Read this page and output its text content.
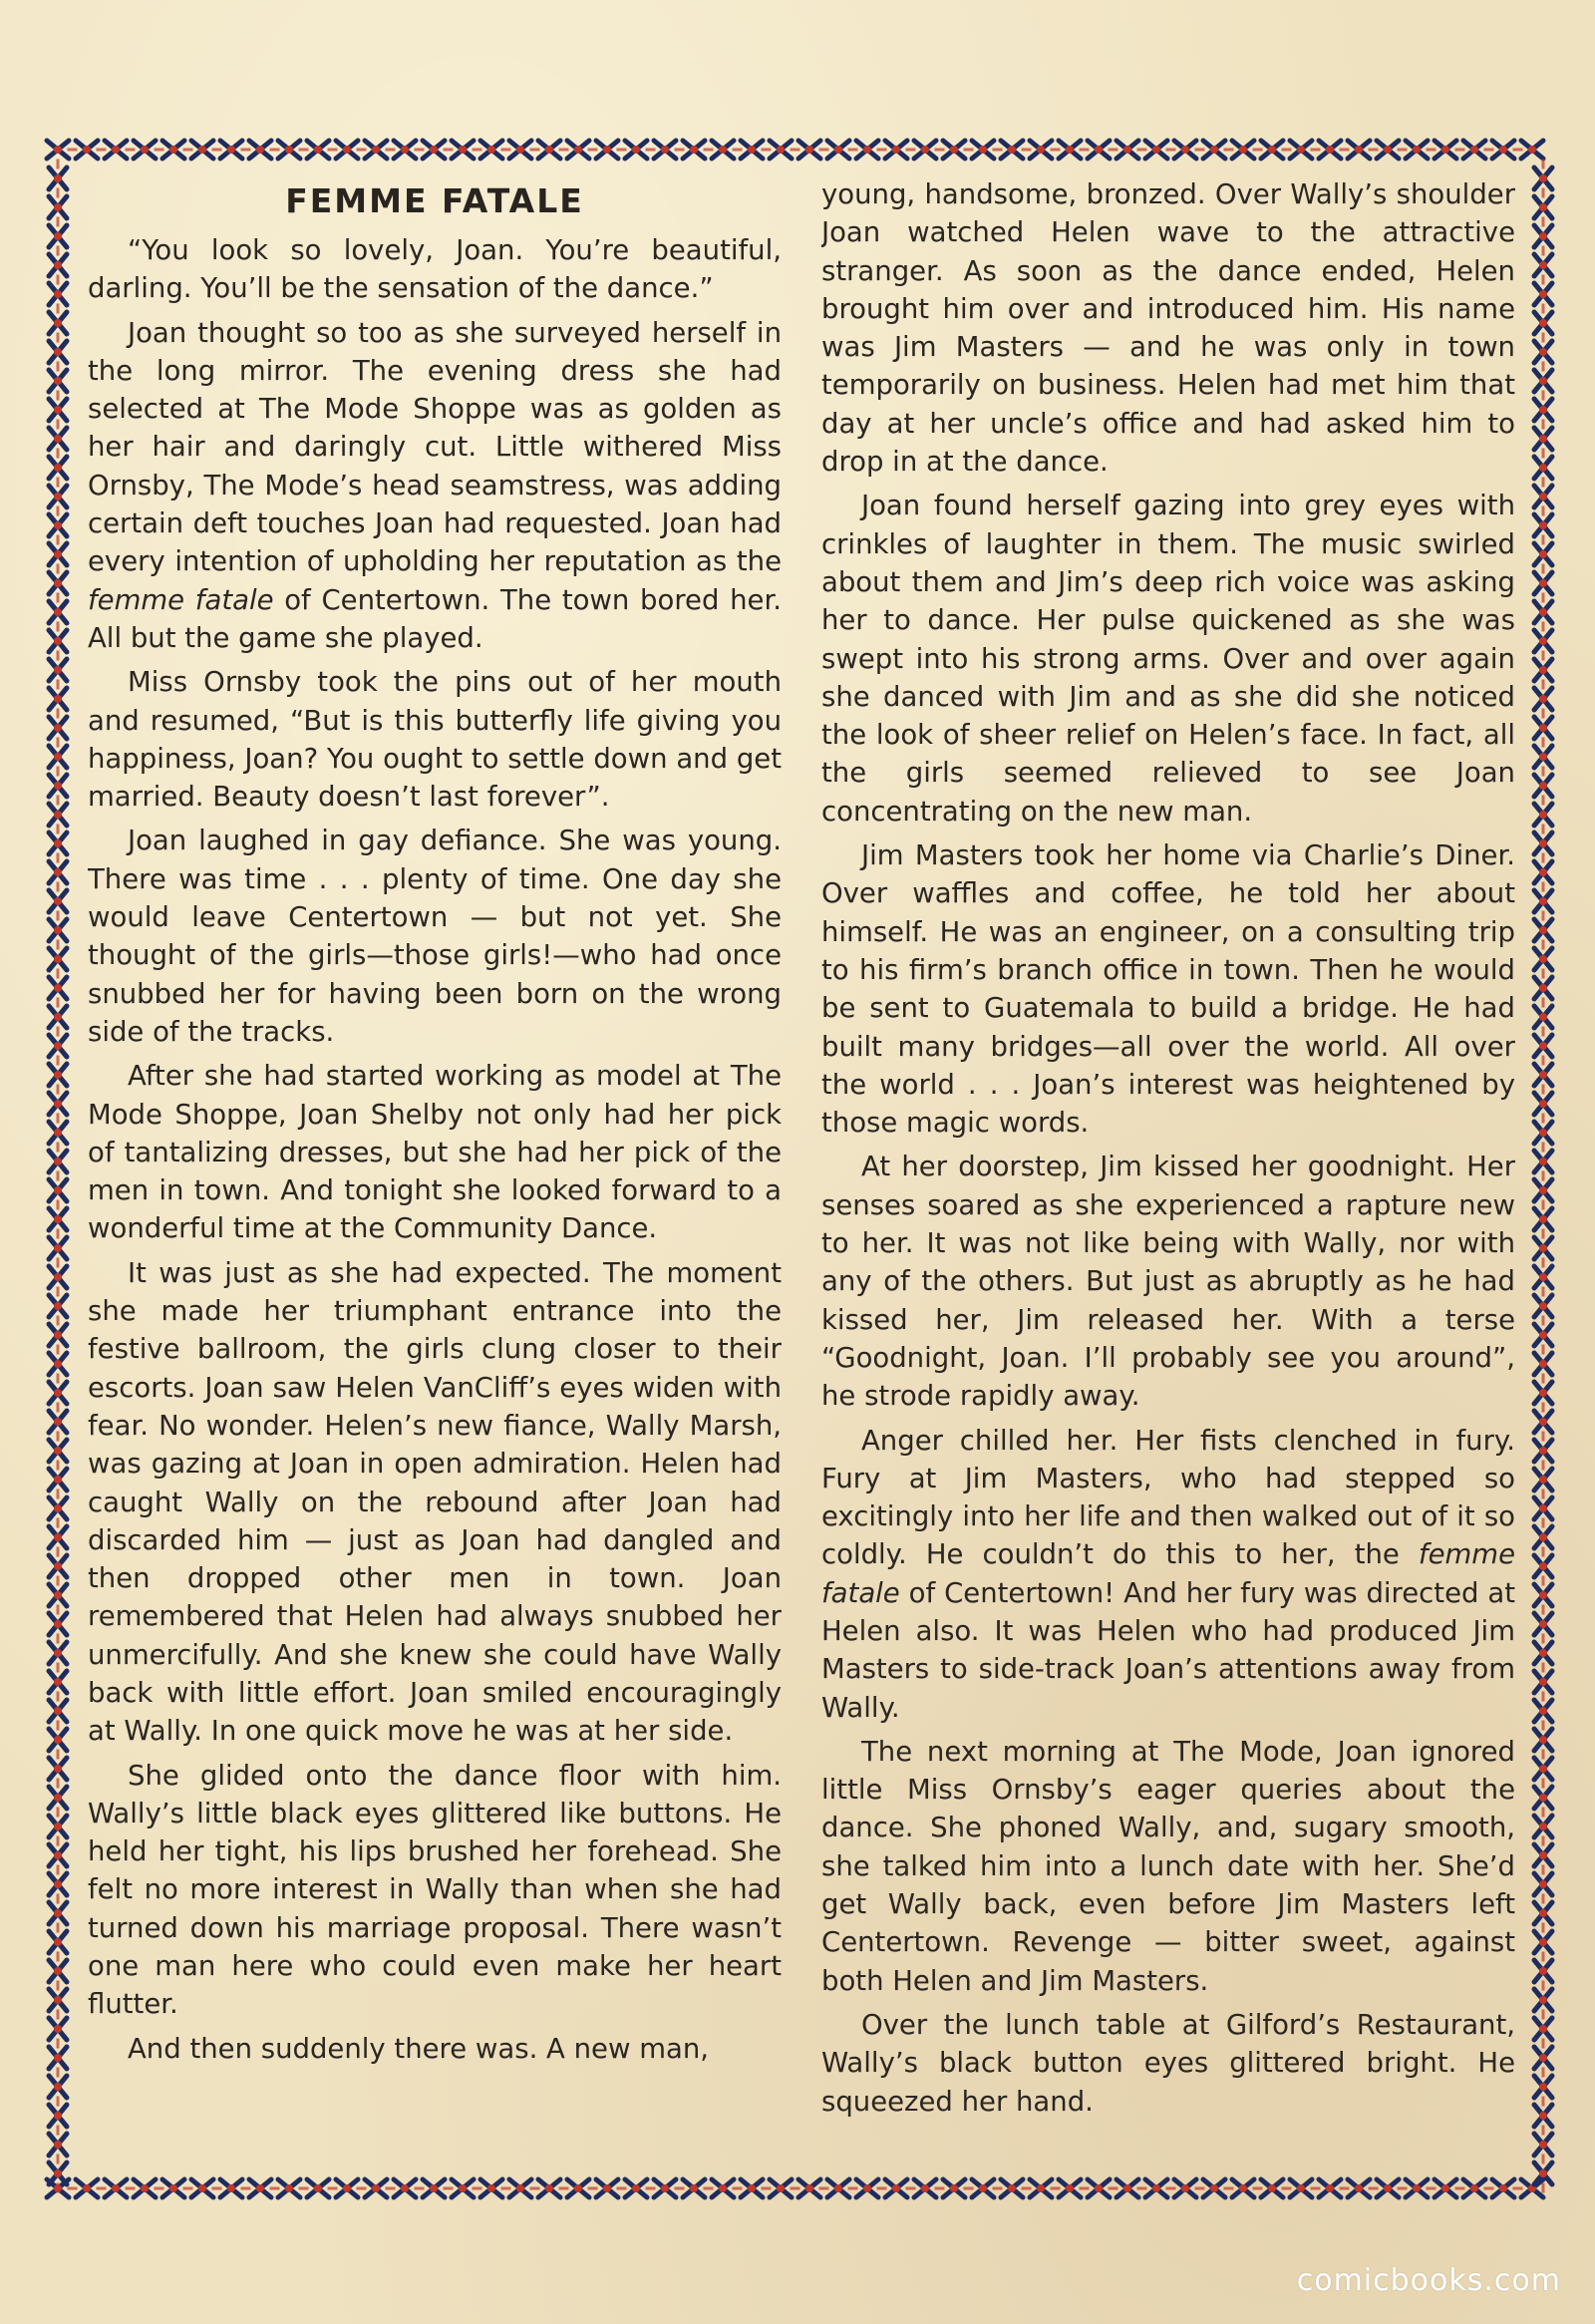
FEMME FATALE

“You look so lovely, Joan. You’re beautiful, darling. You’ll be the sensation of the dance.”

Joan thought so too as she surveyed herself in the long mirror. The evening dress she had selected at The Mode Shoppe was as golden as her hair and daringly cut. Little withered Miss Ornsby, The Mode’s head seamstress, was adding certain deft touches Joan had requested. Joan had every intention of upholding her reputation as the femme fatale of Centertown. The town bored her. All but the game she played.

Miss Ornsby took the pins out of her mouth and resumed, “But is this butterfly life giving you happiness, Joan? You ought to settle down and get married. Beauty doesn’t last forever”.

Joan laughed in gay defiance. She was young. There was time . . . plenty of time. One day she would leave Centertown — but not yet. She thought of the girls—those girls!—who had once snubbed her for having been born on the wrong side of the tracks.

After she had started working as model at The Mode Shoppe, Joan Shelby not only had her pick of tantalizing dresses, but she had her pick of the men in town. And tonight she looked forward to a wonderful time at the Community Dance.

It was just as she had expected. The moment she made her triumphant entrance into the festive ballroom, the girls clung closer to their escorts. Joan saw Helen VanCliff’s eyes widen with fear. No wonder. Helen’s new fiance, Wally Marsh, was gazing at Joan in open admiration. Helen had caught Wally on the rebound after Joan had discarded him — just as Joan had dangled and then dropped other men in town. Joan remembered that Helen had always snubbed her unmercifully. And she knew she could have Wally back with little effort. Joan smiled encouragingly at Wally. In one quick move he was at her side.

She glided onto the dance floor with him. Wally’s little black eyes glittered like buttons. He held her tight, his lips brushed her forehead. She felt no more interest in Wally than when she had turned down his marriage proposal. There wasn’t one man here who could even make her heart flutter.

And then suddenly there was. A new man,

young, handsome, bronzed. Over Wally’s shoulder Joan watched Helen wave to the attractive stranger. As soon as the dance ended, Helen brought him over and introduced him. His name was Jim Masters — and he was only in town temporarily on business. Helen had met him that day at her uncle’s office and had asked him to drop in at the dance.

Joan found herself gazing into grey eyes with crinkles of laughter in them. The music swirled about them and Jim’s deep rich voice was asking her to dance. Her pulse quickened as she was swept into his strong arms. Over and over again she danced with Jim and as she did she noticed the look of sheer relief on Helen’s face. In fact, all the girls seemed relieved to see Joan concentrating on the new man.

Jim Masters took her home via Charlie’s Diner. Over waffles and coffee, he told her about himself. He was an engineer, on a consulting trip to his firm’s branch office in town. Then he would be sent to Guatemala to build a bridge. He had built many bridges—all over the world. All over the world . . . Joan’s interest was heightened by those magic words.

At her doorstep, Jim kissed her goodnight. Her senses soared as she experienced a rapture new to her. It was not like being with Wally, nor with any of the others. But just as abruptly as he had kissed her, Jim released her. With a terse “Goodnight, Joan. I’ll probably see you around”, he strode rapidly away.

Anger chilled her. Her fists clenched in fury. Fury at Jim Masters, who had stepped so excitingly into her life and then walked out of it so coldly. He couldn’t do this to her, the femme fatale of Centertown! And her fury was directed at Helen also. It was Helen who had produced Jim Masters to side-track Joan’s attentions away from Wally.

The next morning at The Mode, Joan ignored little Miss Ornsby’s eager queries about the dance. She phoned Wally, and, sugary smooth, she talked him into a lunch date with her. She’d get Wally back, even before Jim Masters left Centertown. Revenge — bitter sweet, against both Helen and Jim Masters.

Over the lunch table at Gilford’s Restaurant, Wally’s black button eyes glittered bright. He squeezed her hand.

comicbooks.com
